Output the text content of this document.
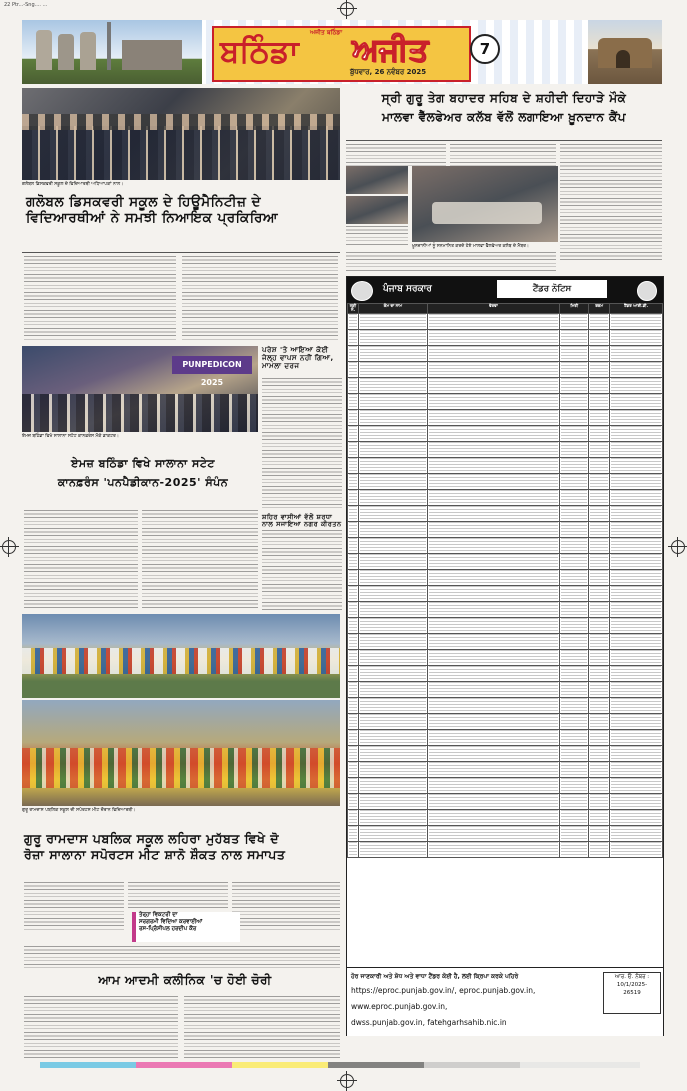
22 Ptr...-Sng.... ...
ਅਜੀਤ ਬਠਿੰਡਾ
ਬਠਿੰਡਾ ਅਜੀਤ
ਬੁੱਧਵਾਰ, 26 ਨਵੰਬਰ 2025
7
ਗਲੋਬਲ ਡਿਸਕਵਰੀ ਸਕੂਲ ਦੇ ਵਿਦਿਆਰਥੀ ਅਧਿਆਪਕਾਂ ਨਾਲ।
ਗਲੋਬਲ ਡਿਸਕਵਰੀ ਸਕੂਲ ਦੇ ਹਿਊਮੈਨਿਟੀਜ਼ ਦੇ
ਵਿਦਿਆਰਥੀਆਂ ਨੇ ਸਮਝੀ ਨਿਆਇਕ ਪ੍ਰਕਿਰਿਆ
PUNPEDICON 2025
ਏਮਜ਼ ਬਠਿੰਡਾ ਵਿਖੇ ਸਾਲਾਨਾ ਸਟੇਟ ਕਾਨਫ਼ਰੰਸ ਮੌਕੇ ਡਾਕਟਰ।
ਪਰੇਸ਼ 'ਤੇ ਆਇਆ ਕੋਈ ਜੇਲ੍ਹ ਵਾਪਸ ਨਹੀਂ ਗਿਆ, ਮਾਮਲਾ ਦਰਜ
ਏਮਜ਼ ਬਠਿੰਡਾ ਵਿਖੇ ਸਾਲਾਨਾ ਸਟੇਟ
ਕਾਨਫ਼ਰੰਸ 'ਪਨਪੈਡੀਕਾਨ-2025' ਸੰਪੰਨ
ਸ਼ਹਿਰ ਵਾਸੀਆਂ ਵੱਲੋਂ ਸ਼ਰਧਾ ਨਾਲ ਸਜਾਇਆ ਨਗਰ ਕੀਰਤਨ
ਗੁਰੂ ਰਾਮਦਾਸ ਪਬਲਿਕ ਸਕੂਲ ਦੀ ਸਪੋਰਟਸ ਮੀਟ ਦੌਰਾਨ ਵਿਦਿਆਰਥੀ।
ਗੁਰੂ ਰਾਮਦਾਸ ਪਬਲਿਕ ਸਕੂਲ ਲਹਿਰਾ ਮੁਹੱਬਤ ਵਿਖੇ ਦੋ
ਰੋਜ਼ਾ ਸਾਲਾਨਾ ਸਪੋਰਟਸ ਮੀਟ ਸ਼ਾਨੋ ਸ਼ੌਕਤ ਨਾਲ ਸਮਾਪਤ
ਤੇਰ੍ਹਾ ਵਿਕਟਰੀ ਦਾ
ਸਰਗਰਮੀ ਵਿਦਿਆ ਕਰਵਾਈਆਂ
ਰਸ-ਪ੍ਰਿੰਸੀਪਲ ਹਰਦੀਪ ਕੌਰ
ਆਮ ਆਦਮੀ ਕਲੀਨਿਕ 'ਚ ਹੋਈ ਚੋਰੀ
ਸ੍ਰੀ ਗੁਰੂ ਤੇਗ ਬਹਾਦਰ ਸਹਿਬ ਦੇ ਸ਼ਹੀਦੀ ਦਿਹਾੜੇ ਮੌਕੇ
ਮਾਲਵਾ ਵੈੱਲਫੇਅਰ ਕਲੱਬ ਵੱਲੋਂ ਲਗਾਇਆ ਖ਼ੂਨਦਾਨ ਕੈਂਪ
ਖ਼ੂਨਦਾਨੀਆਂ ਨੂੰ ਸਨਮਾਨਿਤ ਕਰਦੇ ਹੋਏ ਮਾਲਵਾ ਵੈੱਲਫੇਅਰ ਕਲੱਬ ਦੇ ਮੈਂਬਰ।
ਪੰਜਾਬ ਸਰਕਾਰ	ਟੈਂਡਰ ਨੋਟਿਸ
ਲੜੀ ਨੰ.	ਕੰਮ ਦਾ ਨਾਮ	ਵੇਰਵਾ	ਮਿਤੀ	ਰਕਮ	ਟੈਂਡਰ ਆਈ.ਡੀ.

ਹੋਰ ਜਾਣਕਾਰੀ ਅਤੇ ਸ਼ੋਧ ਅਤੇ ਵਾਧਾ ਟੈਂਡਰ ਕੋਈ ਹੈ, ਲਈ ਕ੍ਰਿਪਾ ਕਰਕੇ ਪਹਿਰੇ
https://eproc.punjab.gov.in/, eproc.punjab.gov.in,
www.eproc.punjab.gov.in,
dwss.punjab.gov.in, fatehgarhsahib.nic.in
ਆਰ. ਓ. ਨੰਬਰ :
10/1/2025-
26519
